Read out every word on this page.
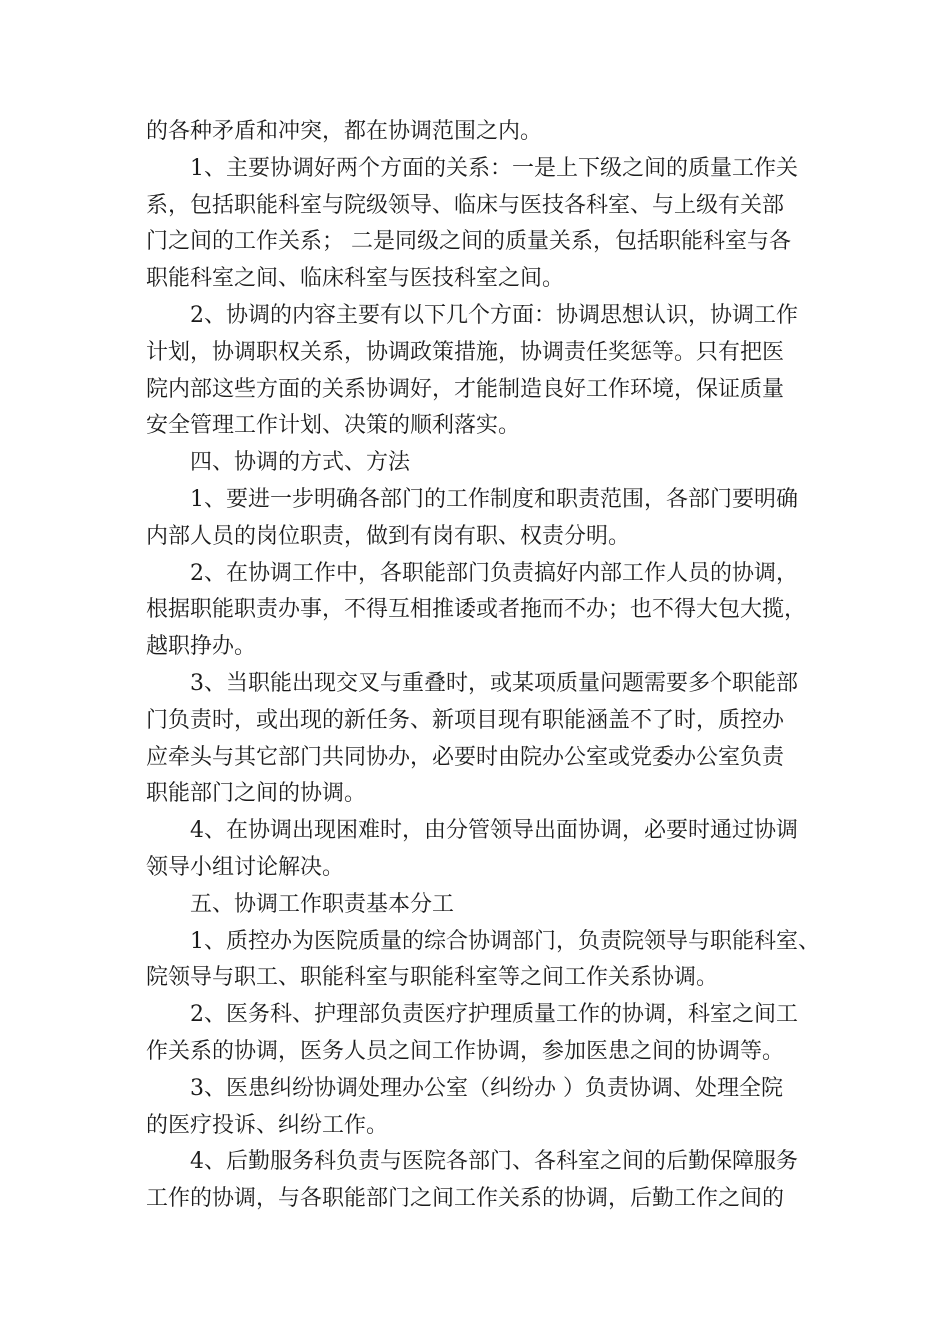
的各种矛盾和冲突，都在协调范围之内。
1、主要协调好两个方面的关系：一是上下级之间的质量工作关
系，包括职能科室与院级领导、临床与医技各科室、与上级有关部
门之间的工作关系； 二是同级之间的质量关系，包括职能科室与各
职能科室之间、临床科室与医技科室之间。
2、协调的内容主要有以下几个方面：协调思想认识，协调工作
计划，协调职权关系，协调政策措施，协调责任奖惩等。只有把医
院内部这些方面的关系协调好，才能制造良好工作环境，保证质量
安全管理工作计划、决策的顺利落实。
四、协调的方式、方法
1、要进一步明确各部门的工作制度和职责范围，各部门要明确
内部人员的岗位职责，做到有岗有职、权责分明。
2、在协调工作中，各职能部门负责搞好内部工作人员的协调，
根据职能职责办事，不得互相推诿或者拖而不办；也不得大包大揽，
越职挣办。
3、当职能出现交叉与重叠时，或某项质量问题需要多个职能部
门负责时，或出现的新任务、新项目现有职能涵盖不了时，质控办
应牵头与其它部门共同协办，必要时由院办公室或党委办公室负责
职能部门之间的协调。
4、在协调出现困难时，由分管领导出面协调，必要时通过协调
领导小组讨论解决。
五、协调工作职责基本分工
1、质控办为医院质量的综合协调部门，负责院领导与职能科室、
院领导与职工、职能科室与职能科室等之间工作关系协调。
2、医务科、护理部负责医疗护理质量工作的协调，科室之间工
作关系的协调，医务人员之间工作协调，参加医患之间的协调等。
3、医患纠纷协调处理办公室（纠纷办 ）负责协调、处理全院
的医疗投诉、纠纷工作。
4、后勤服务科负责与医院各部门、各科室之间的后勤保障服务
工作的协调，与各职能部门之间工作关系的协调，后勤工作之间的
